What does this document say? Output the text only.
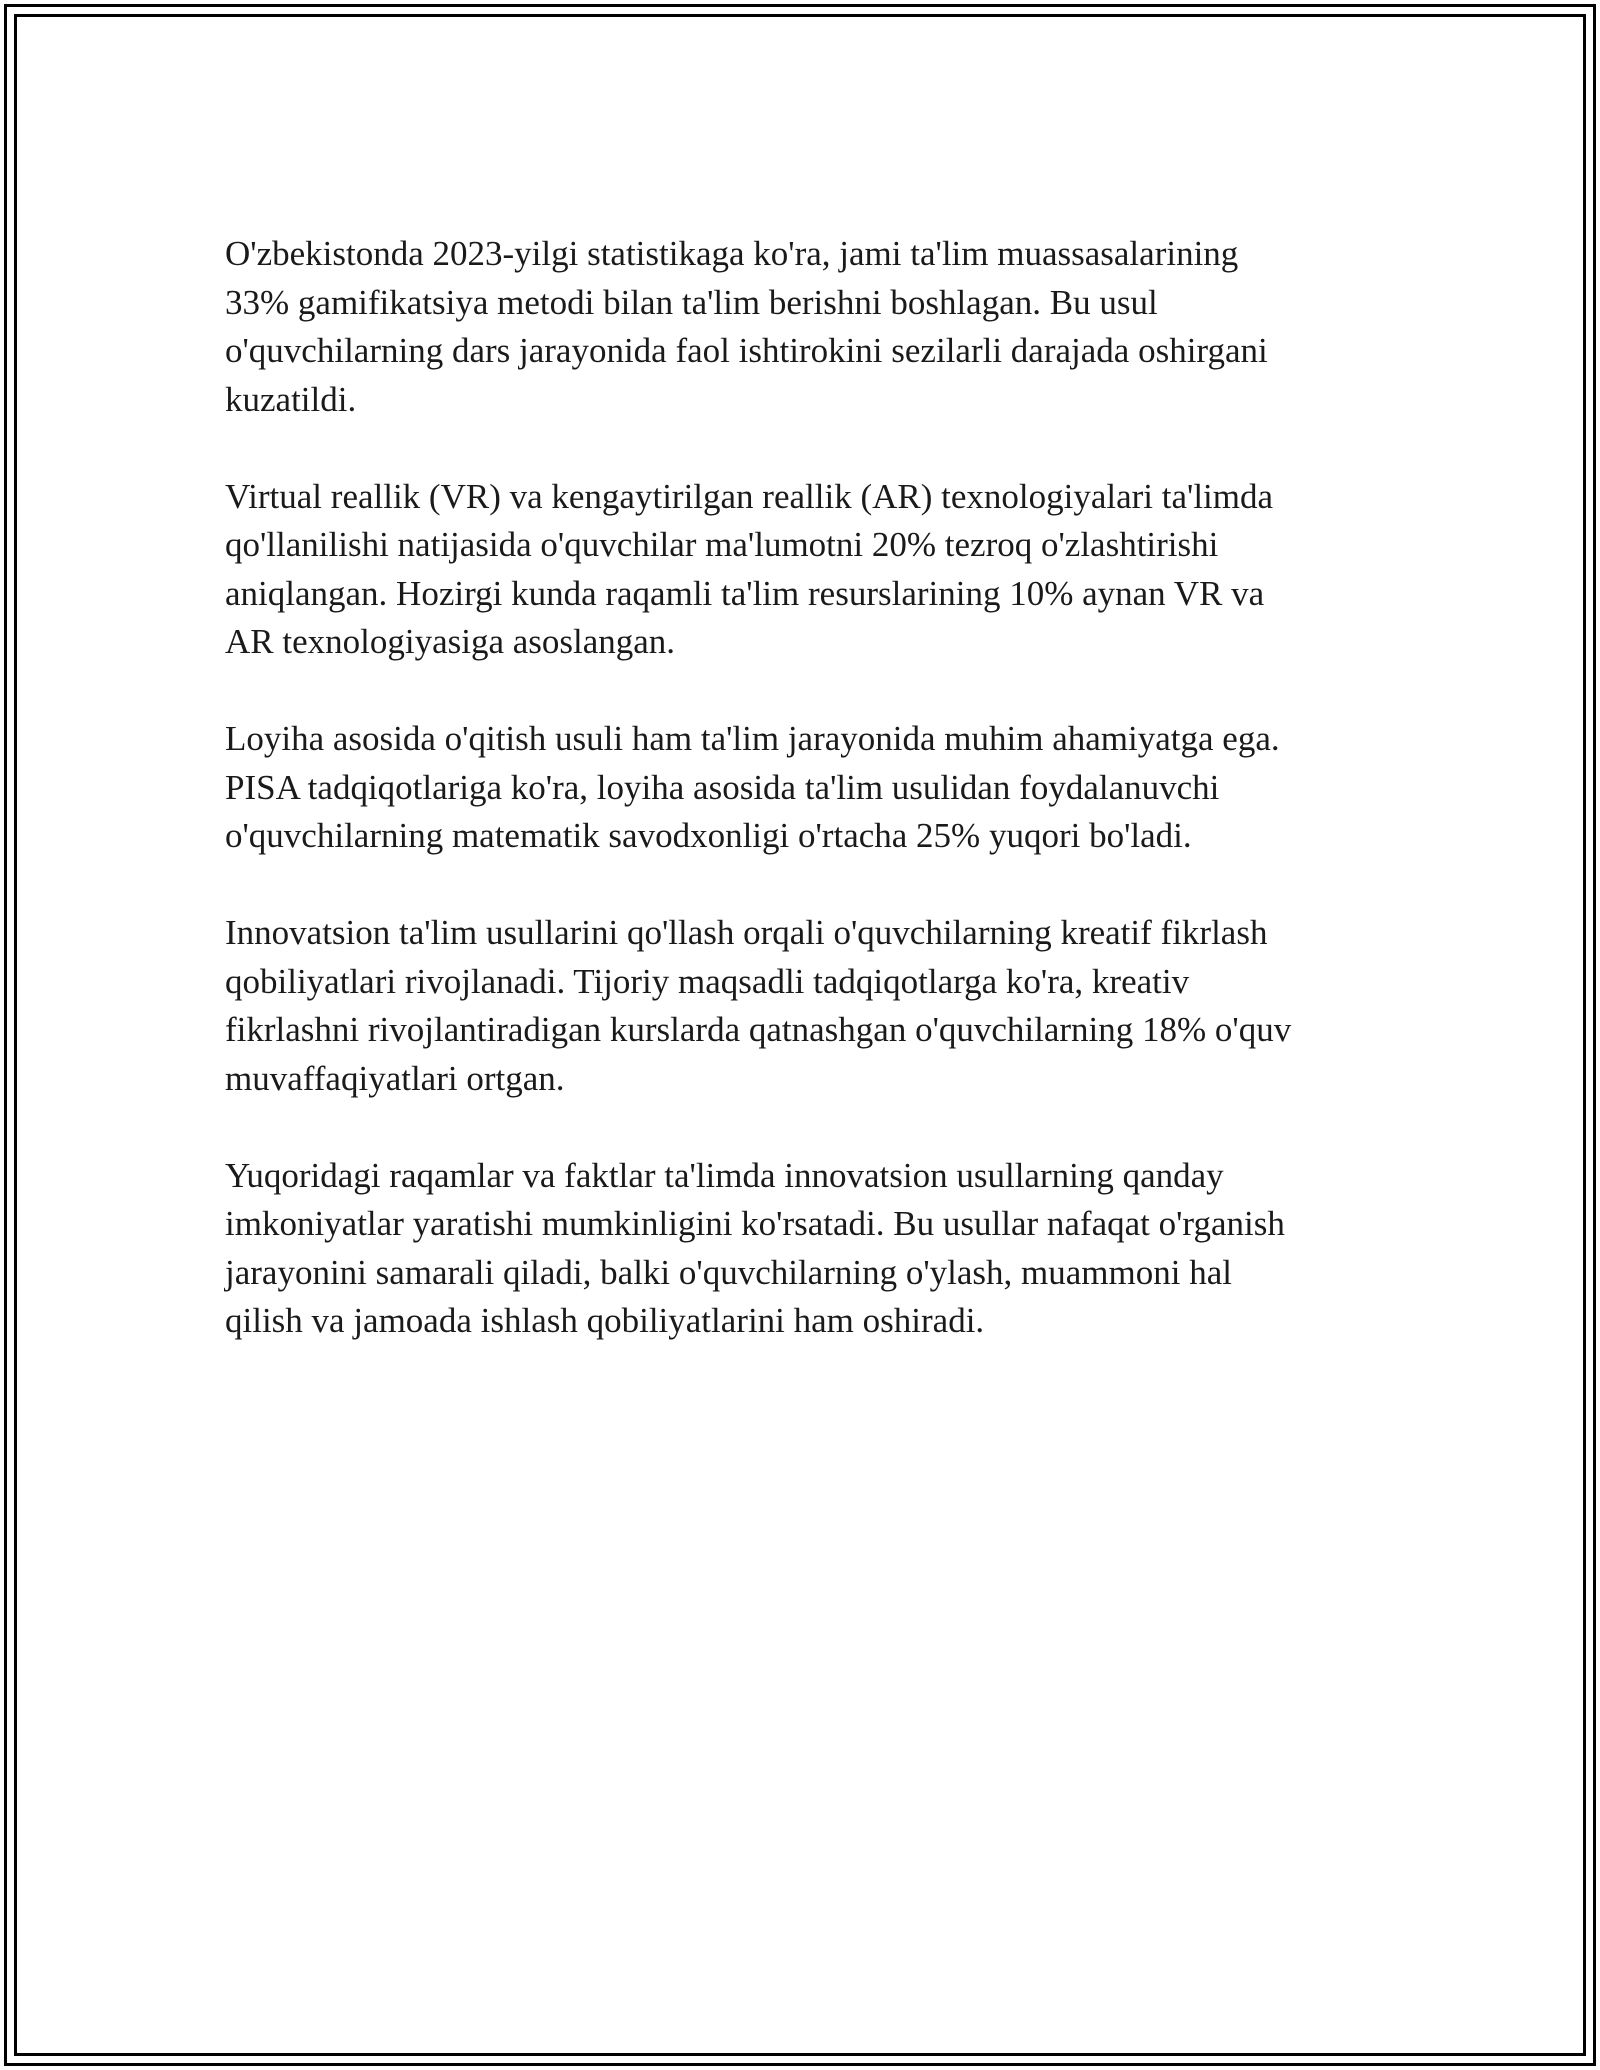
O'zbekistonda 2023-yilgi statistikaga ko'ra, jami ta'lim muassasalarining
33% gamifikatsiya metodi bilan ta'lim berishni boshlagan. Bu usul
o'quvchilarning dars jarayonida faol ishtirokini sezilarli darajada oshirgani
kuzatildi.
Virtual reallik (VR) va kengaytirilgan reallik (AR) texnologiyalari ta'limda
qo'llanilishi natijasida o'quvchilar ma'lumotni 20% tezroq o'zlashtirishi
aniqlangan. Hozirgi kunda raqamli ta'lim resurslarining 10% aynan VR va
AR texnologiyasiga asoslangan.
Loyiha asosida o'qitish usuli ham ta'lim jarayonida muhim ahamiyatga ega.
PISA tadqiqotlariga ko'ra, loyiha asosida ta'lim usulidan foydalanuvchi
o'quvchilarning matematik savodxonligi o'rtacha 25% yuqori bo'ladi.
Innovatsion ta'lim usullarini qo'llash orqali o'quvchilarning kreatif fikrlash
qobiliyatlari rivojlanadi. Tijoriy maqsadli tadqiqotlarga ko'ra, kreativ
fikrlashni rivojlantiradigan kurslarda qatnashgan o'quvchilarning 18% o'quv
muvaffaqiyatlari ortgan.
Yuqoridagi raqamlar va faktlar ta'limda innovatsion usullarning qanday
imkoniyatlar yaratishi mumkinligini ko'rsatadi. Bu usullar nafaqat o'rganish
jarayonini samarali qiladi, balki o'quvchilarning o'ylash, muammoni hal
qilish va jamoada ishlash qobiliyatlarini ham oshiradi.
